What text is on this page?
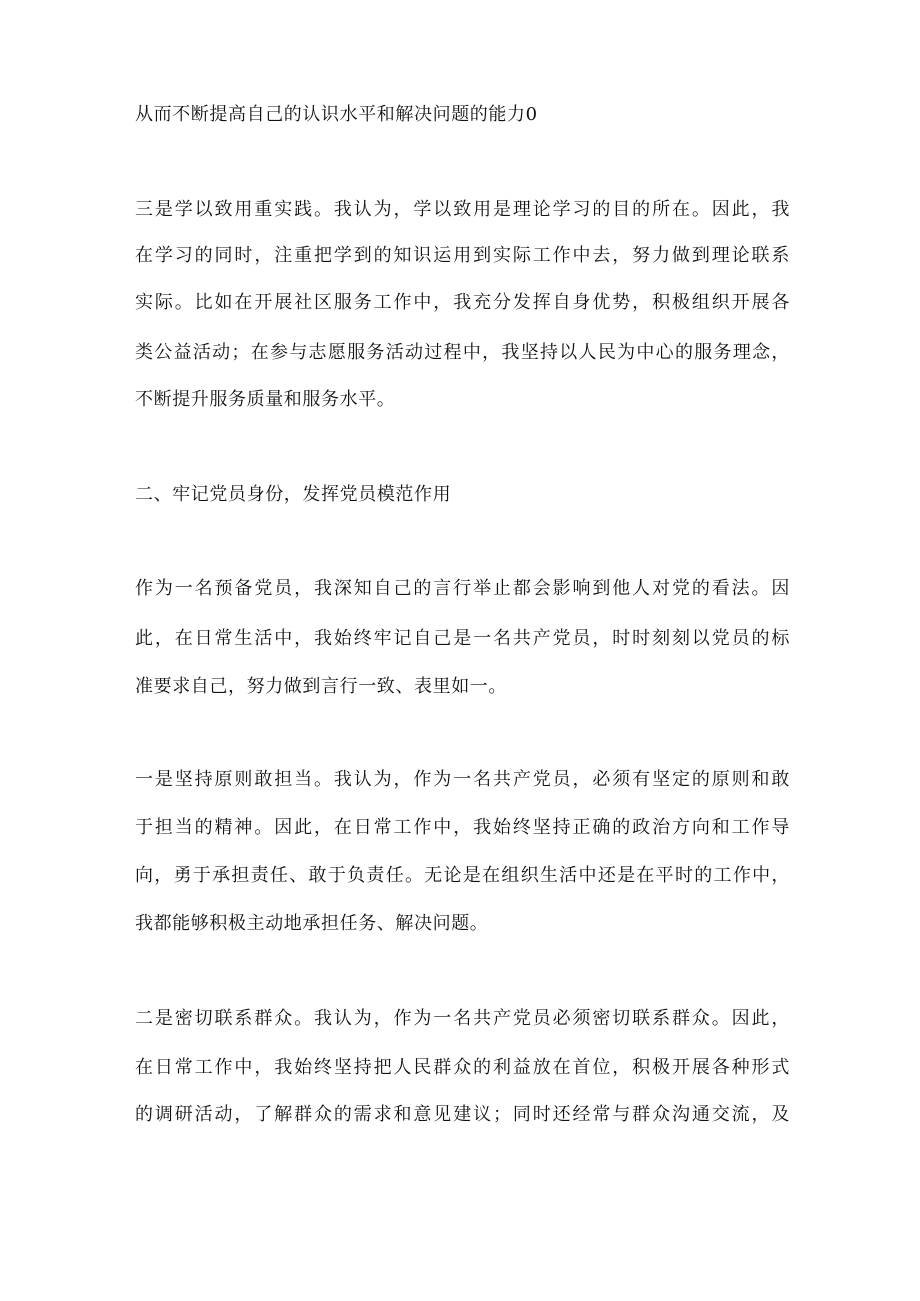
从而不断提高自己的认识水平和解决问题的能力0
三是学以致用重实践。我认为，学以致用是理论学习的目的所在。因此，我
在学习的同时，注重把学到的知识运用到实际工作中去，努力做到理论联系
实际。比如在开展社区服务工作中，我充分发挥自身优势，积极组织开展各
类公益活动；在参与志愿服务活动过程中，我坚持以人民为中心的服务理念，
不断提升服务质量和服务水平。
二、牢记党员身份，发挥党员模范作用
作为一名预备党员，我深知自己的言行举止都会影响到他人对党的看法。因
此，在日常生活中，我始终牢记自己是一名共产党员，时时刻刻以党员的标
准要求自己，努力做到言行一致、表里如一。
一是坚持原则敢担当。我认为，作为一名共产党员，必须有坚定的原则和敢
于担当的精神。因此，在日常工作中，我始终坚持正确的政治方向和工作导
向，勇于承担责任、敢于负责任。无论是在组织生活中还是在平时的工作中，
我都能够积极主动地承担任务、解决问题。
二是密切联系群众。我认为，作为一名共产党员必须密切联系群众。因此，
在日常工作中，我始终坚持把人民群众的利益放在首位，积极开展各种形式
的调研活动，了解群众的需求和意见建议；同时还经常与群众沟通交流，及
